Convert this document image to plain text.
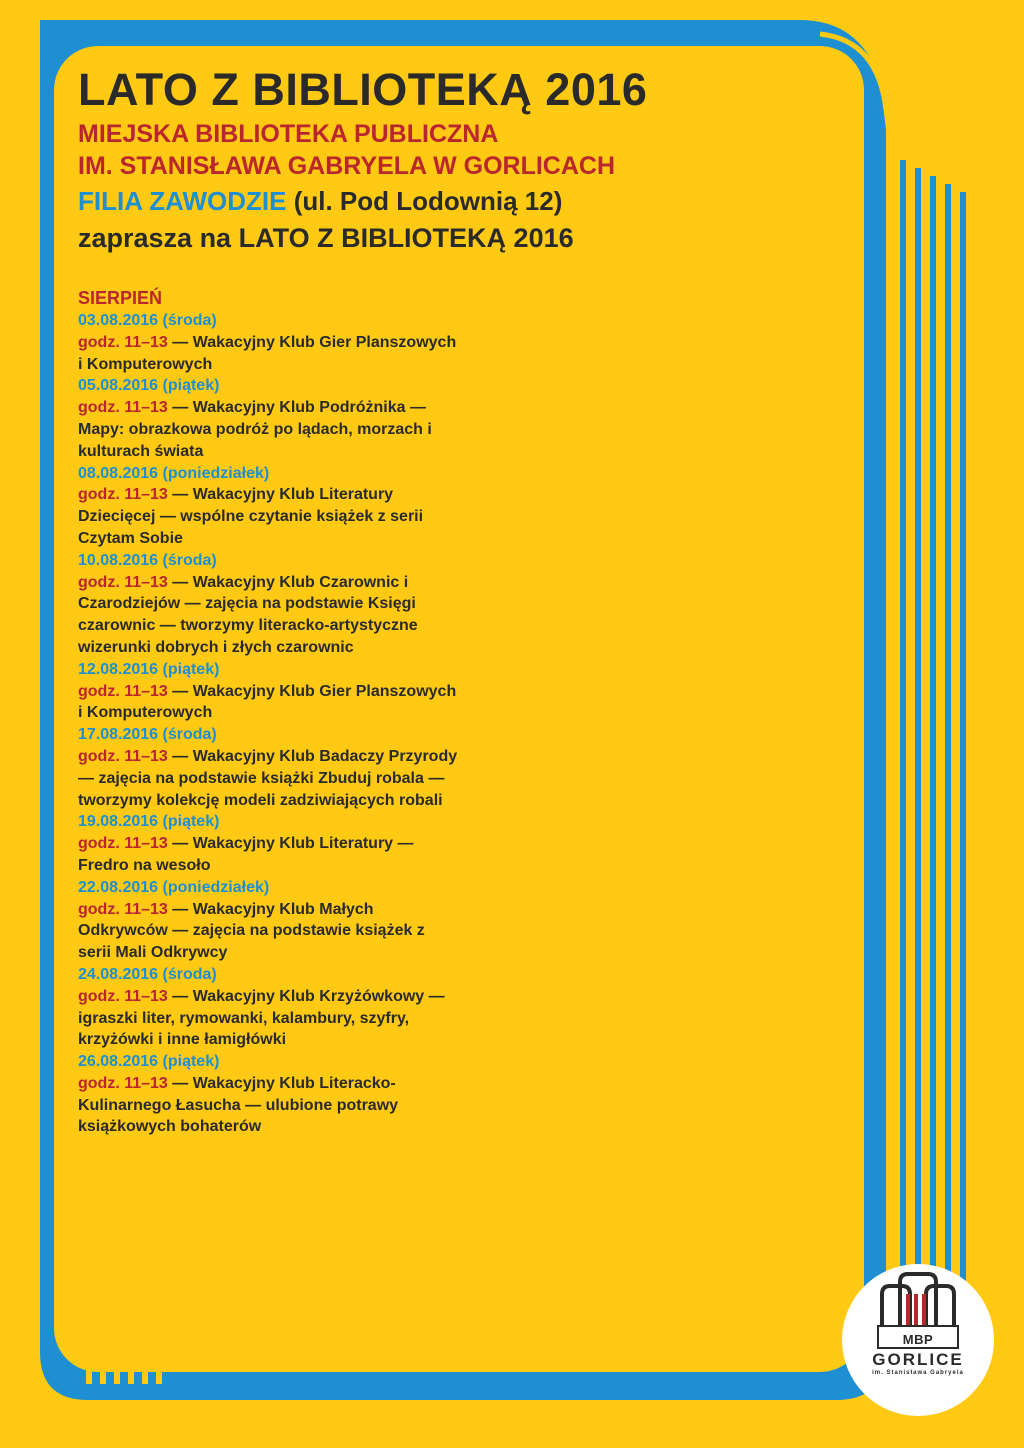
LATO Z BIBLIOTEKĄ 2016

MIEJSKA BIBLIOTEKA PUBLICZNA

IM. STANISŁAWA GABRYELA W GORLICACH

FILIA ZAWODZIE (ul. Pod Lodownią 12)
zaprasza na LATO Z BIBLIOTEKĄ 2016
SIERPIEŃ
03.08.2016 (środa)
godz. 11–13 — Wakacyjny Klub Gier Planszowych i Komputerowych
05.08.2016 (piątek)
godz. 11–13 — Wakacyjny Klub Podróżnika — Mapy: obrazkowa podróż po lądach, morzach i kulturach świata
08.08.2016 (poniedziałek)
godz. 11–13 — Wakacyjny Klub Literatury Dziecięcej — wspólne czytanie książek z serii Czytam Sobie
10.08.2016 (środa)
godz. 11–13 — Wakacyjny Klub Czarownic i Czarodziejów — zajęcia na podstawie Księgi czarownic — tworzymy literacko-artystyczne wizerunki dobrych i złych czarownic
12.08.2016 (piątek)
godz. 11–13 — Wakacyjny Klub Gier Planszowych i Komputerowych
17.08.2016 (środa)
godz. 11–13 — Wakacyjny Klub Badaczy Przyrody — zajęcia na podstawie książki Zbuduj robala — tworzymy kolekcję modeli zadziwiających robali
19.08.2016 (piątek)
godz. 11–13 — Wakacyjny Klub Literatury — Fredro na wesoło
22.08.2016 (poniedziałek)
godz. 11–13 — Wakacyjny Klub Małych Odkrywców — zajęcia na podstawie książek z serii Mali Odkrywcy
24.08.2016 (środa)
godz. 11–13 — Wakacyjny Klub Krzyżówkowy — igraszki liter, rymowanki, kalambury, szyfry, krzyżówki i inne łamigłówki
26.08.2016 (piątek)
godz. 11–13 — Wakacyjny Klub Literacko-Kulinarnego Łasucha — ulubione potrawy książkowych bohaterów
MBP
GORLICE
im. Stanisława Gabryela
